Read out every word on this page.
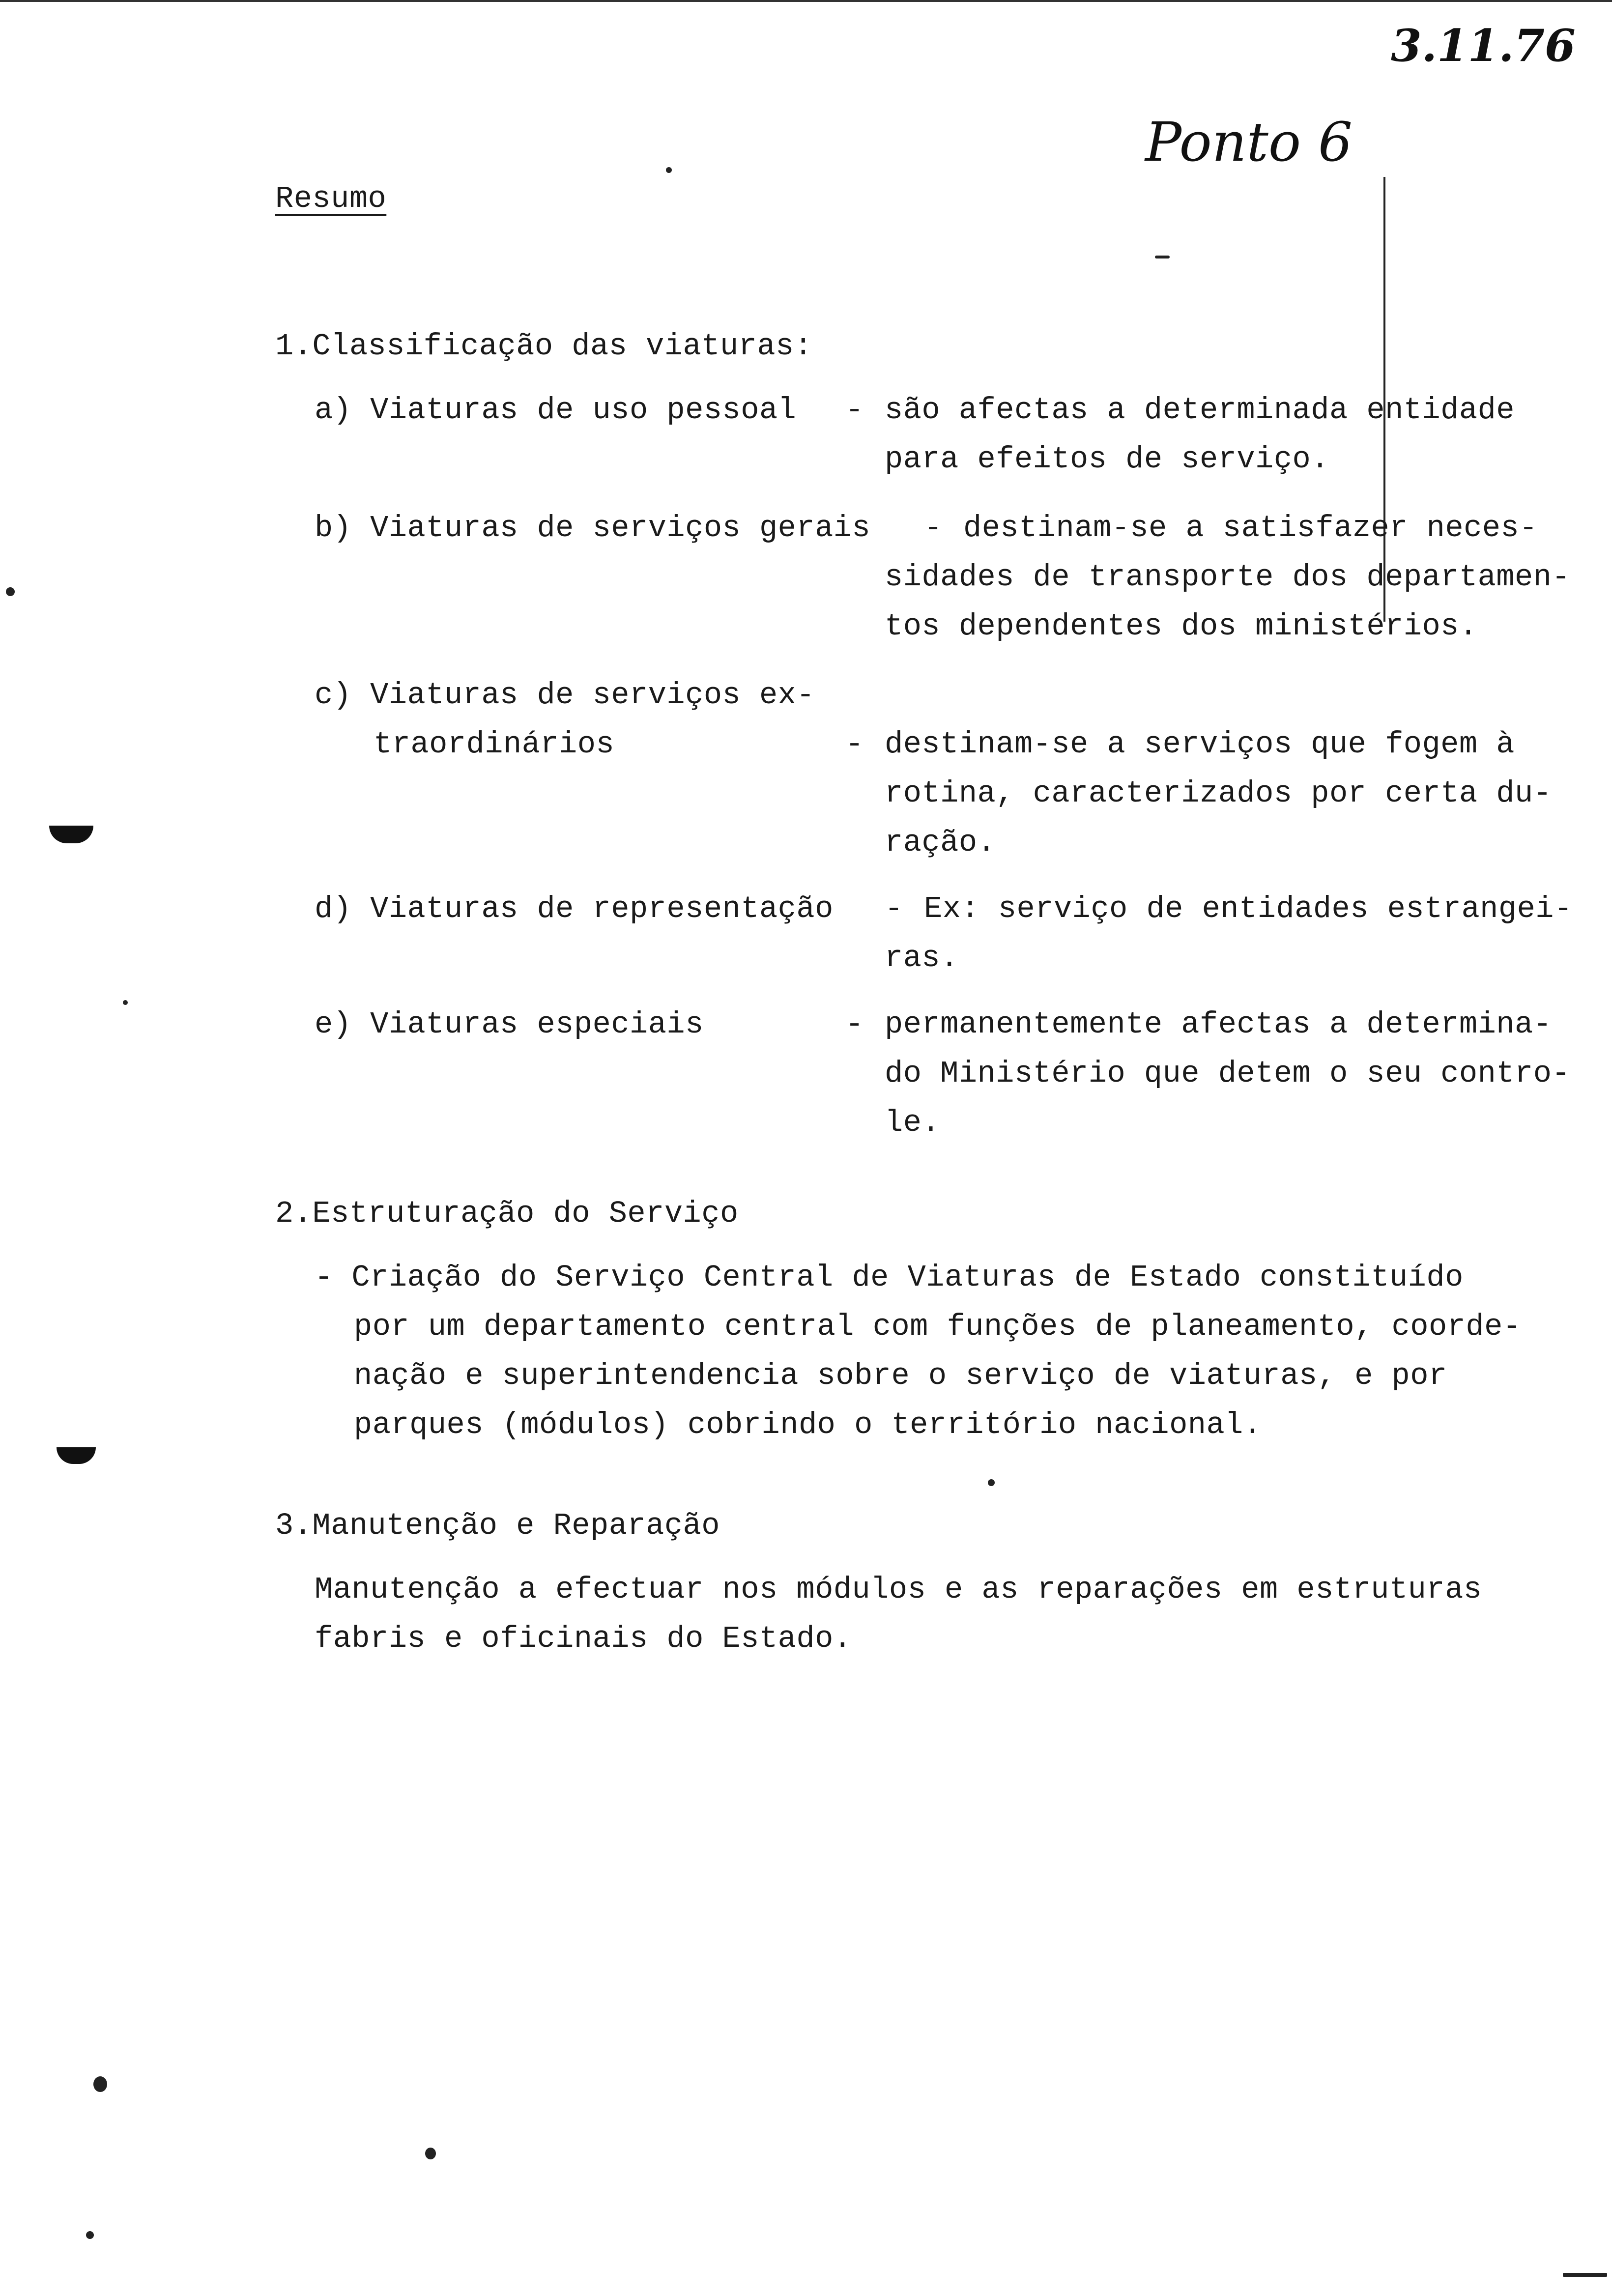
3.11.76
Ponto 6
Resumo
1.Classificação das viaturas:
a) Viaturas de uso pessoal - são afectas a determinada entidade
para efeitos de serviço.
b) Viaturas de serviços gerais - destinam-se a satisfazer neces-
sidades de transporte dos departamen-
tos dependentes dos ministérios.
c) Viaturas de serviços ex-
traordinários	- destinam-se a serviços que fogem à
rotina, caracterizados por certa du-
ração.
d) Viaturas de representação - Ex: serviço de entidades estrangei-
ras.
e) Viaturas especiais	- permanentemente afectas a determina-
do Ministério que detem o seu contro-
le.
2.Estruturação do Serviço
- Criação do Serviço Central de Viaturas de Estado constituído
por um departamento central com funções de planeamento, coorde-
nação e superintendencia sobre o serviço de viaturas, e por
parques (módulos) cobrindo o território nacional.
3.Manutenção e Reparação
Manutenção a efectuar nos módulos e as reparações em estruturas
fabris e oficinais do Estado.
